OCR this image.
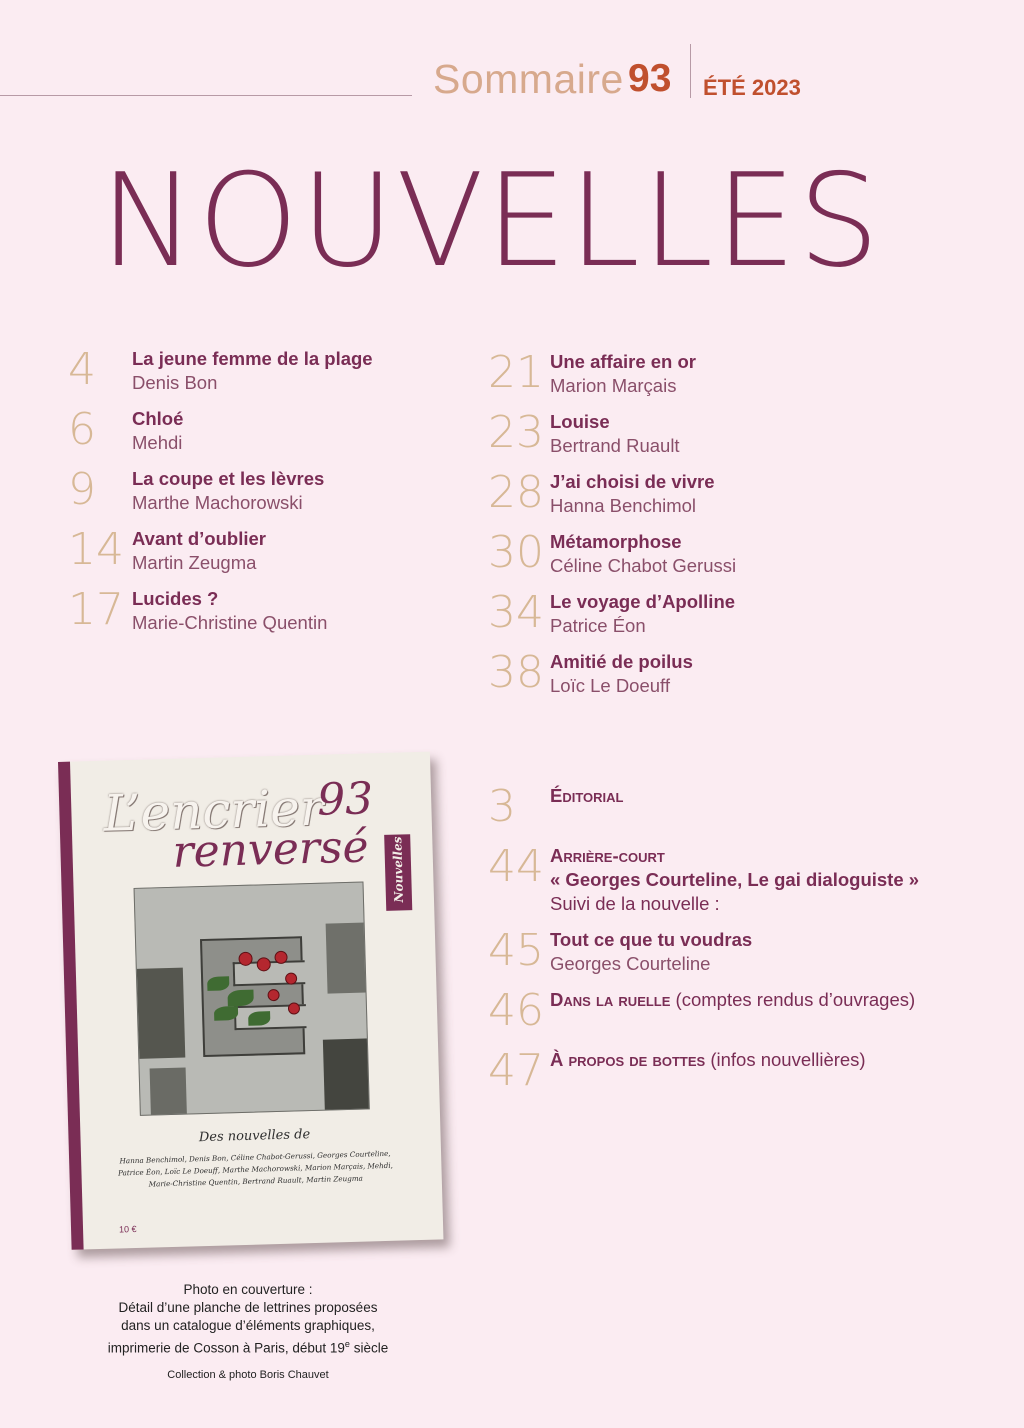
Sommaire 93 ÉTÉ 2023
NOUVELLES
4 La jeune femme de la plage
Denis Bon
6 Chloé
Mehdi
9 La coupe et les lèvres
Marthe Machorowski
14 Avant d’oublier
Martin Zeugma
17 Lucides ?
Marie-Christine Quentin
21 Une affaire en or
Marion Marçais
23 Louise
Bertrand Ruault
28 J’ai choisi de vivre
Hanna Benchimol
30 Métamorphose
Céline Chabot Gerussi
34 Le voyage d’Apolline
Patrice Éon
38 Amitié de poilus
Loïc Le Doeuff
3 Éditorial
44 Arrière-court
« Georges Courteline, Le gai dialoguiste »
Suivi de la nouvelle :
45 Tout ce que tu voudras
Georges Courteline
46 Dans la ruelle (comptes rendus d’ouvrages)
47 À propos de bottes (infos nouvellières)
L’encrier
93
renversé Nouvelles
Des nouvelles de
Hanna Benchimol, Denis Bon, Céline Chabot-Gerussi, Georges Courteline,
Patrice Éon, Loïc Le Doeuff, Marthe Machorowski, Marion Marçais, Mehdi,
Marie-Christine Quentin, Bertrand Ruault, Martin Zeugma
10 €
Photo en couverture :
Détail d’une planche de lettrines proposées
dans un catalogue d’éléments graphiques,
imprimerie de Cosson à Paris, début 19e siècle
Collection & photo Boris Chauvet
